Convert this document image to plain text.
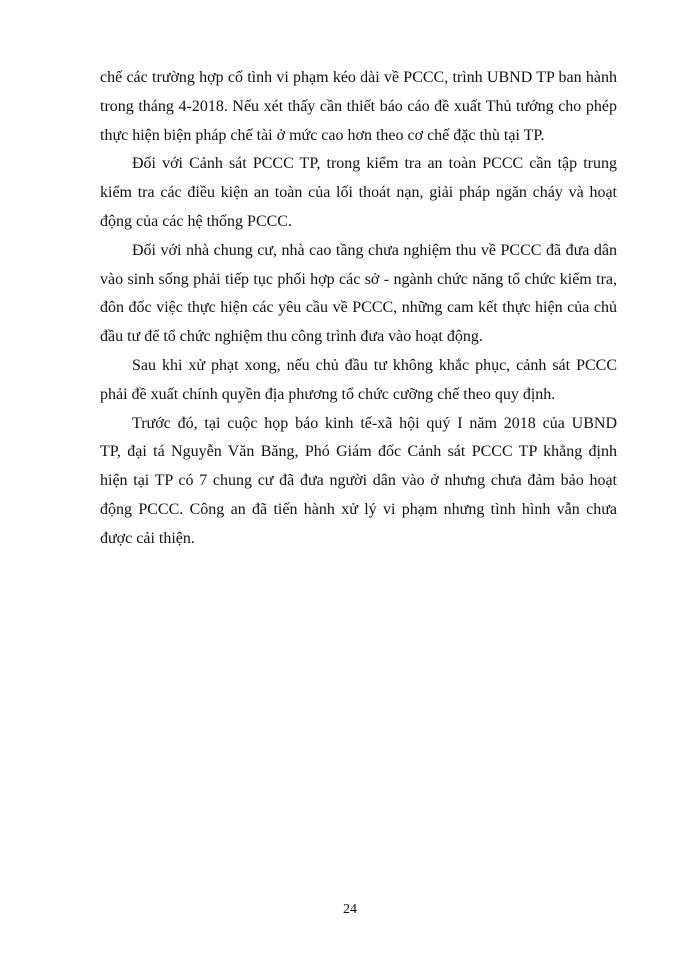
chế các trường hợp cố tình vi phạm kéo dài về PCCC, trình UBND TP ban hành
trong tháng 4-2018. Nếu xét thấy cần thiết báo cáo đề xuất Thủ tướng cho phép
thực hiện biện pháp chế tài ở mức cao hơn theo cơ chế đặc thù tại TP.
Đối với Cảnh sát PCCC TP, trong kiểm tra an toàn PCCC cần tập trung
kiểm tra các điều kiện an toàn của lối thoát nạn, giải pháp ngăn cháy và hoạt
động của các hệ thống PCCC.
Đối với nhà chung cư, nhà cao tầng chưa nghiệm thu về PCCC đã đưa dân
vào sinh sống phải tiếp tục phối hợp các sở - ngành chức năng tổ chức kiểm tra,
đôn đốc việc thực hiện các yêu cầu về PCCC, những cam kết thực hiện của chủ
đầu tư để tổ chức nghiệm thu công trình đưa vào hoạt động.
Sau khi xử phạt xong, nếu chủ đầu tư không khắc phục, cảnh sát PCCC
phải đề xuất chính quyền địa phương tổ chức cưỡng chế theo quy định.
Trước đó, tại cuộc họp báo kinh tế-xã hội quý I năm 2018 của UBND
TP, đại tá Nguyễn Văn Băng, Phó Giám đốc Cảnh sát PCCC TP khẳng định
hiện tại TP có 7 chung cư đã đưa người dân vào ở nhưng chưa đảm bảo hoạt
động PCCC. Công an đã tiến hành xử lý vi phạm nhưng tình hình vẫn chưa
được cải thiện.
24
